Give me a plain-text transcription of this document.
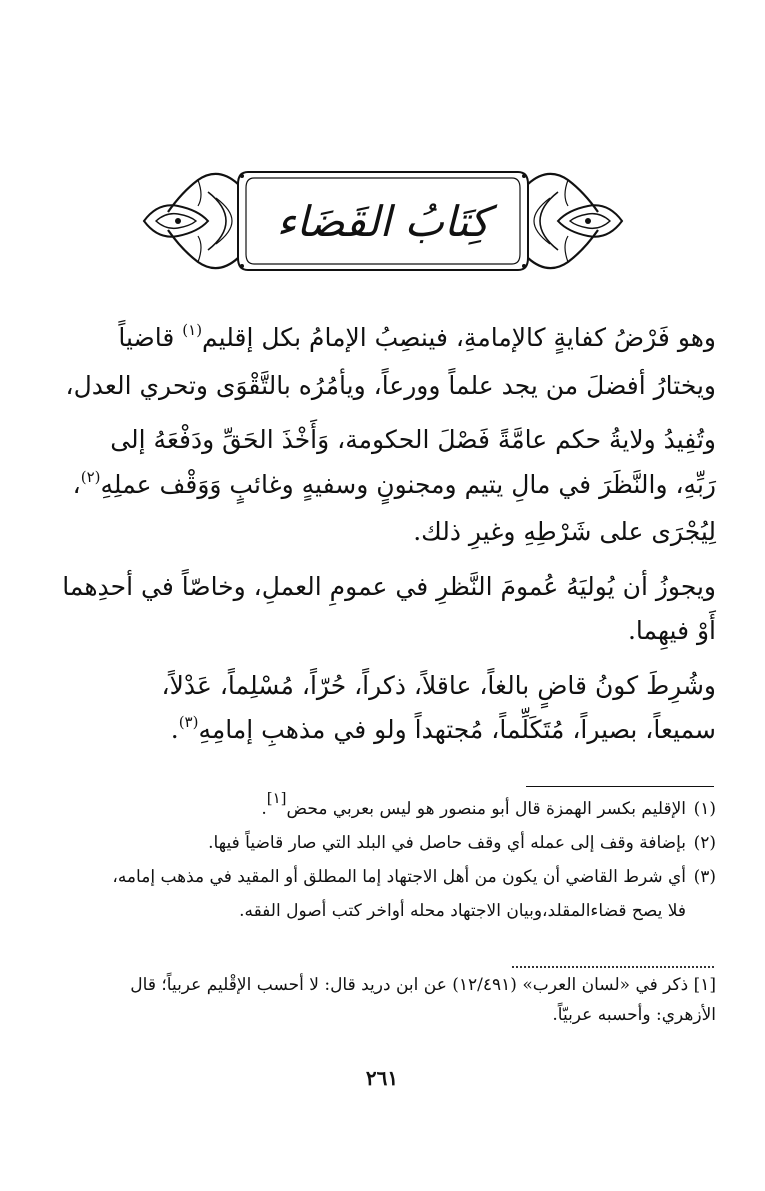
كِتَابُ القَضَاء

وهو فَرْضُ كفايةٍ كالإمامةِ، فينصِبُ الإمامُ بكل إقليم$^{(١)}$ قاضياً

ويختارُ أفضلَ من يجد علماً وورعاً، ويأمُرُه بالتَّقْوَى وتحري العدل،

وتُفِيدُ ولايةُ حكم عامَّةً فَصْلَ الحكومة، وَأَخْذَ الحَقِّ ودَفْعَهُ إلى

رَبِّهِ، والنَّظَرَ في مالِ يتيم ومجنونٍ وسفيهٍ وغائبٍ وَوَقْف عملِهِ$^{(٢)}$،

لِيُجْرَى على شَرْطِهِ وغيرِ ذلك.

ويجوزُ أن يُوليَهُ عُمومَ النَّظرِ في عمومِ العملِ، وخاصّاً في أحدِهما

أَوْ فيهِما.

وشُرِطَ كونُ قاضٍ بالغاً، عاقلاً، ذكراً، حُرّاً، مُسْلِماً، عَدْلاً،

سميعاً، بصيراً، مُتَكَلِّماً، مُجتهداً ولو في مذهبِ إمامِهِ$^{(٣)}$.

(١)الإقليم بكسر الهمزة قال أبو منصور هو ليس بعربي محض[١].
(٢)بإضافة وقف إلى عمله أي وقف حاصل في البلد التي صار قاضياً فيها.
(٣)أي شرط القاضي أن يكون من أهل الاجتهاد إما المطلق أو المقيد في مذهب إمامه،
فلا يصح قضاءالمقلد،وبيان الاجتهاد محله أواخر كتب أصول الفقه.
[١] ذكر في «لسان العرب» (١٢/٤٩١) عن ابن دريد قال: لا أحسب الإقْليم عربياً؛ قال
الأزهري: وأحسبه عربيّاً.
٢٦١
